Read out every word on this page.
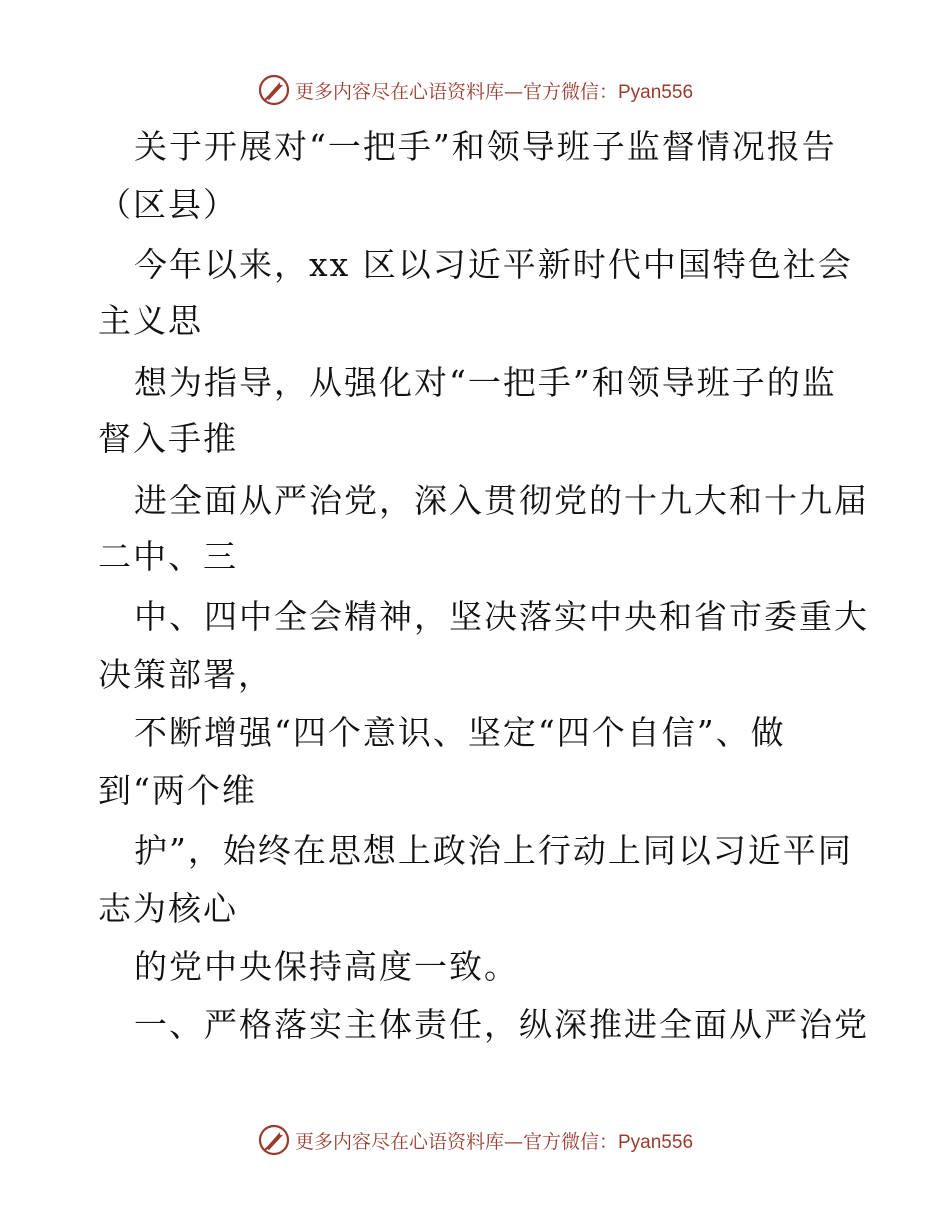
更多内容尽在心语资料库—官方微信：Pyan556
关于开展对“一把手”和领导班子监督情况报告
（区县）
今年以来，xx 区以习近平新时代中国特色社会
主义思
想为指导，从强化对“一把手”和领导班子的监
督入手推
进全面从严治党，深入贯彻党的十九大和十九届
二中、三
中、四中全会精神，坚决落实中央和省市委重大
决策部署，
不断增强“四个意识、坚定“四个自信”、做
到“两个维
护”，始终在思想上政治上行动上同以习近平同
志为核心
的党中央保持高度一致。
一、严格落实主体责任，纵深推进全面从严治党
更多内容尽在心语资料库—官方微信：Pyan556
